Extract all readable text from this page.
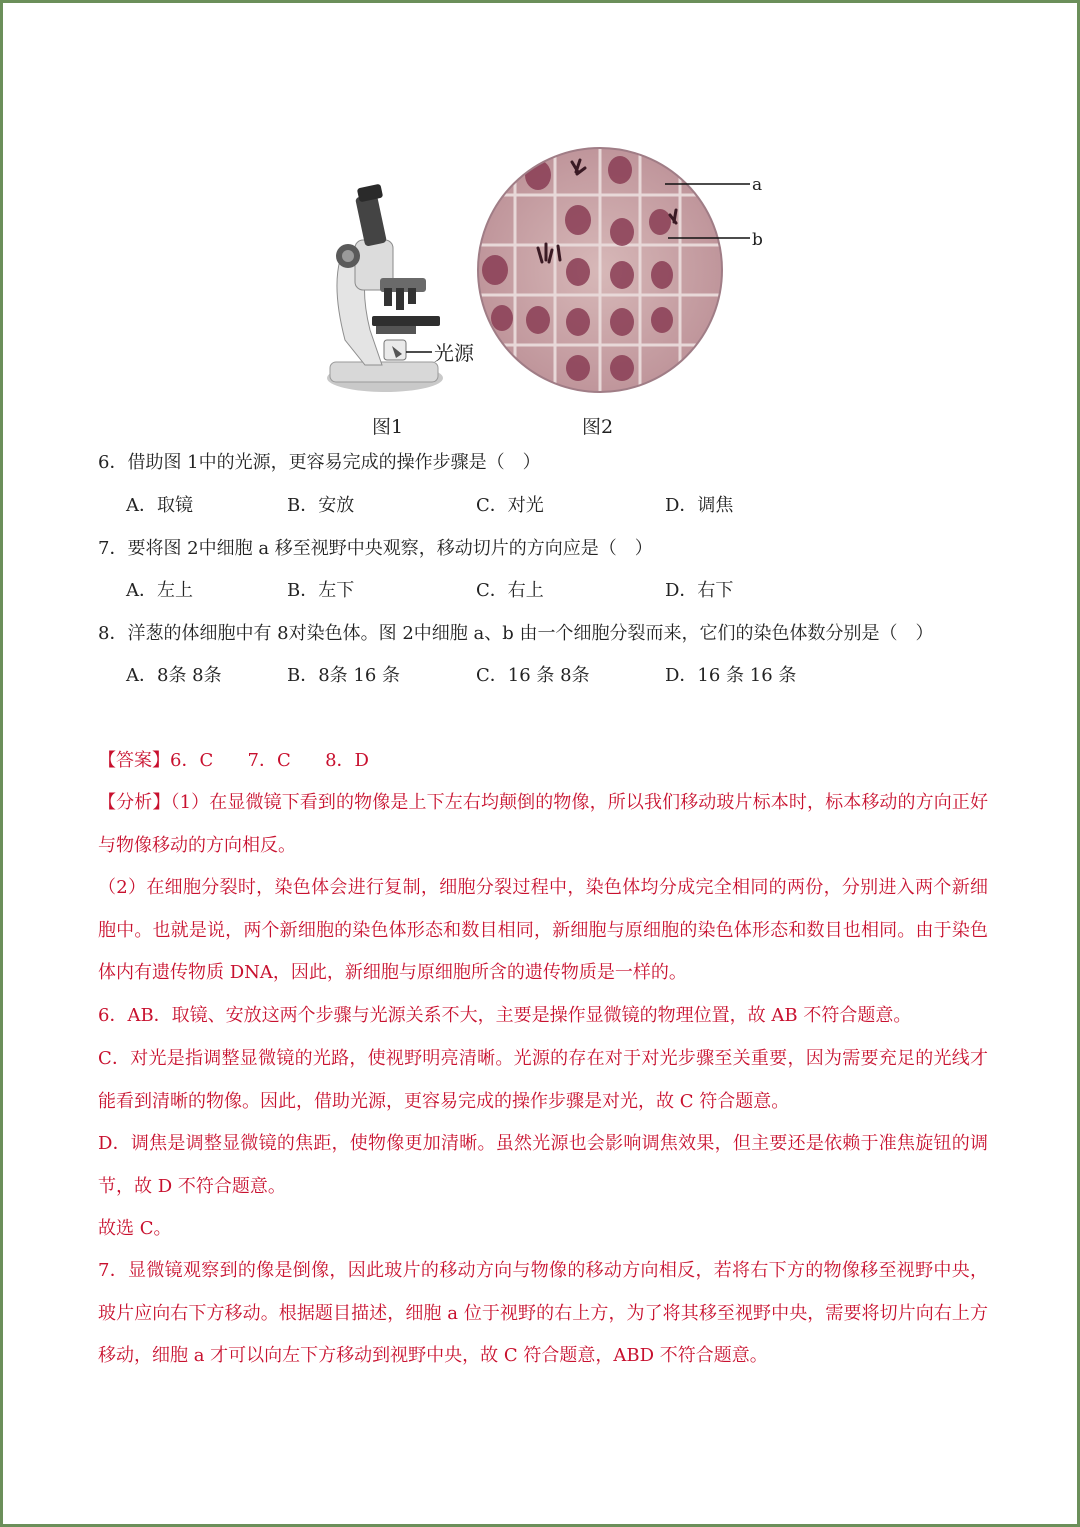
光源
a
b
图1	图2
6．借助图 1中的光源，更容易完成的操作步骤是（　）
A．取镜	B．安放	C．对光	D．调焦
7．要将图 2中细胞 a 移至视野中央观察，移动切片的方向应是（　）
A．左上	B．左下	C．右上	D．右下
8．洋葱的体细胞中有 8对染色体。图 2中细胞 a、b 由一个细胞分裂而来，它们的染色体数分别是（　）
A．8条 8条	B．8条 16 条	C．16 条 8条	D．16 条 16 条
【答案】6．C      7．C      8．D
【分析】（1）在显微镜下看到的物像是上下左右均颠倒的物像，所以我们移动玻片标本时，标本移动的方向正好与物像移动的方向相反。
（2）在细胞分裂时，染色体会进行复制，细胞分裂过程中，染色体均分成完全相同的两份，分别进入两个新细胞中。也就是说，两个新细胞的染色体形态和数目相同，新细胞与原细胞的染色体形态和数目也相同。由于染色体内有遗传物质 DNA，因此，新细胞与原细胞所含的遗传物质是一样的。
6．AB．取镜、安放这两个步骤与光源关系不大，主要是操作显微镜的物理位置，故 AB 不符合题意。
C．对光是指调整显微镜的光路，使视野明亮清晰。光源的存在对于对光步骤至关重要，因为需要充足的光线才能看到清晰的物像。因此，借助光源，更容易完成的操作步骤是对光，故 C 符合题意。
D．调焦是调整显微镜的焦距，使物像更加清晰。虽然光源也会影响调焦效果，但主要还是依赖于准焦旋钮的调节，故 D 不符合题意。
故选 C。
7．显微镜观察到的像是倒像，因此玻片的移动方向与物像的移动方向相反，若将右下方的物像移至视野中央，玻片应向右下方移动。根据题目描述，细胞 a 位于视野的右上方，为了将其移至视野中央，需要将切片向右上方移动，细胞 a 才可以向左下方移动到视野中央，故 C 符合题意，ABD 不符合题意。
